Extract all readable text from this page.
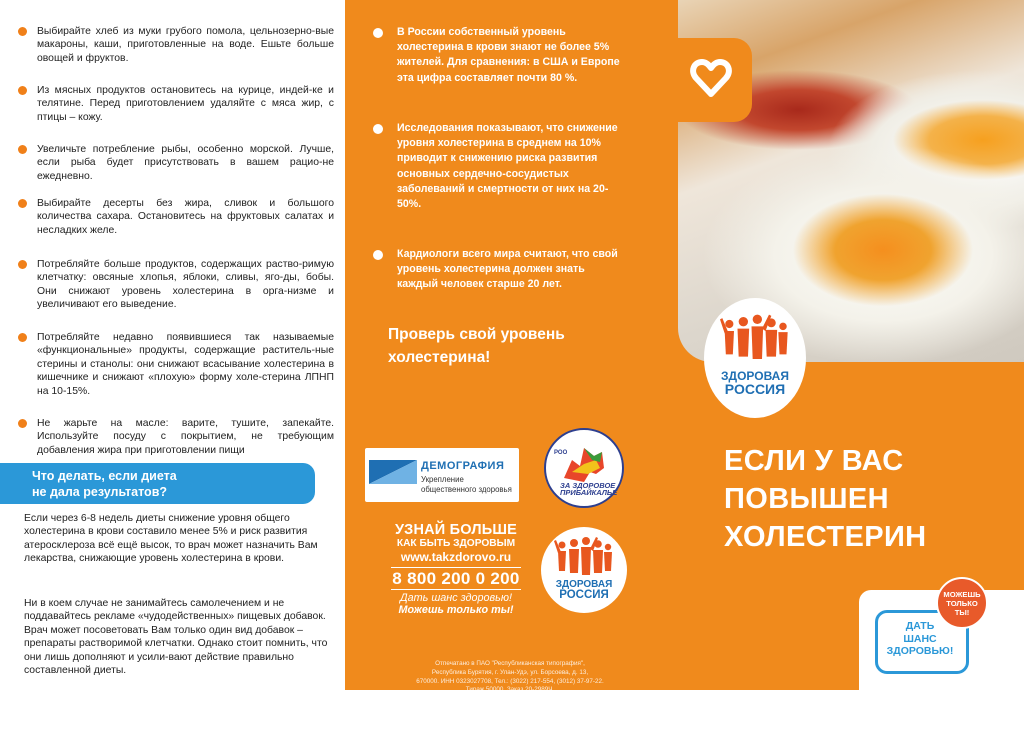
Выбирайте хлеб из муки грубого помола, цельнозерно-вые макароны, каши, приготовленные на воде. Ешьте больше овощей и фруктов.
Из мясных продуктов остановитесь на курице, индей-ке и телятине. Перед приготовлением удаляйте с мяса жир, с птицы – кожу.
Увеличьте потребление рыбы, особенно морской. Лучше, если рыба будет присутствовать в вашем рацио-не ежедневно.
Выбирайте десерты без жира, сливок и большого количества сахара. Остановитесь на фруктовых салатах и несладких желе.
Потребляйте больше продуктов, содержащих раство-римую клетчатку: овсяные хлопья, яблоки, сливы, яго-ды, бобы. Они снижают уровень холестерина в орга-низме и увеличивают его выведение.
Потребляйте недавно появившиеся так называемые «функциональные» продукты, содержащие раститель-ные стерины и станолы: они снижают всасывание холестерина в кишечнике и снижают «плохую» форму холе-стерина ЛПНП на 10-15%.
Не жарьте на масле: варите, тушите, запекайте. Используйте посуду с покрытием, не требующим добавления жира при приготовлении пищи
Что делать, если диета
не дала результатов?
Если через 6-8 недель диеты снижение уровня общего холестерина в крови составило менее 5% и риск развития атеросклероза всё ещё высок, то врач может назначить Вам лекарства, снижающие уровень холестерина в крови.
Ни в коем случае не занимайтесь самолечением и не поддавайтесь рекламе «чудодейственных» пищевых добавок. Врач может посоветовать Вам только один вид добавок – препараты растворимой клетчатки. Однако стоит помнить, что они лишь дополняют и усили-вают действие правильно составленной диеты.
В России собственный уровень холестерина в крови знают не более 5% жителей. Для сравнения: в США и Европе эта цифра составляет почти 80 %.
Исследования показывают, что снижение уровня холестерина в среднем на 10% приводит к снижению риска развития основных сердечно-сосудистых заболеваний и смертности от них на 20-50%.
Кардиологи всего мира считают, что свой уровень холестерина должен знать каждый человек старше 20 лет.
Проверь свой уровень
холестерина!
ДЕМОГРАФИЯ
Укрепление общественного здоровья
РОО
ЗА ЗДОРОВОЕ ПРИБАЙКАЛЬЕ
УЗНАЙ БОЛЬШЕ
КАК БЫТЬ ЗДОРОВЫМ
www.takzdorovo.ru
8 800 200 0 200
Дать шанс здоровью!
Можешь только ты!
ЗДОРОВАЯ
РОССИЯ
Отпечатано в ПАО "Республиканская типография",
Республика Бурятия, г. Улан-Удэ, ул. Борсоева, д. 13,
670000. ИНН 0323027708, Тел.: (3022) 217-554, (3012) 37-97-22.
ЗДОРОВАЯ
РОССИЯ
ЕСЛИ У ВАС
ПОВЫШЕН
ХОЛЕСТЕРИН
ДАТЬ
ШАНС
ЗДОРОВЬЮ!
МОЖЕШЬ
ТОЛЬКО
ТЫ!
